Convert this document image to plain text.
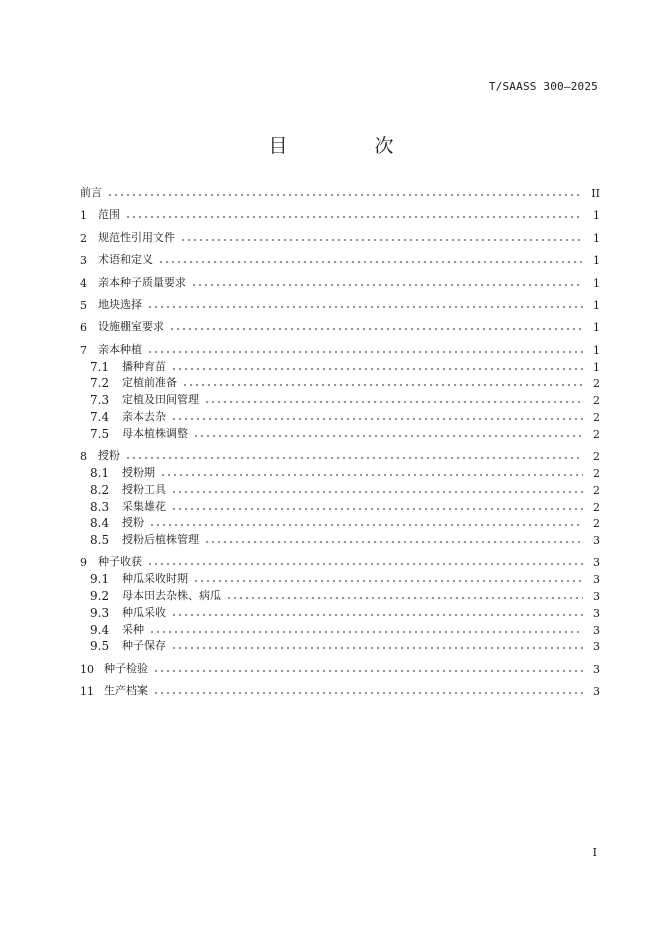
T/SAASS 300—2025
目　次
前言	II
1	范围	1
2	规范性引用文件	1
3	术语和定义	1
4	亲本种子质量要求	1
5	地块选择	1
6	设施棚室要求	1
7	亲本种植	1
7.1	播种育苗	1
7.2	定植前准备	2
7.3	定植及田间管理	2
7.4	亲本去杂	2
7.5	母本植株调整	2
8	授粉	2
8.1	授粉期	2
8.2	授粉工具	2
8.3	采集雄花	2
8.4	授粉	2
8.5	授粉后植株管理	3
9	种子收获	3
9.1	种瓜采收时期	3
9.2	母本田去杂株、病瓜	3
9.3	种瓜采收	3
9.4	采种	3
9.5	种子保存	3
10 种子检验	3
11 生产档案	3
I
